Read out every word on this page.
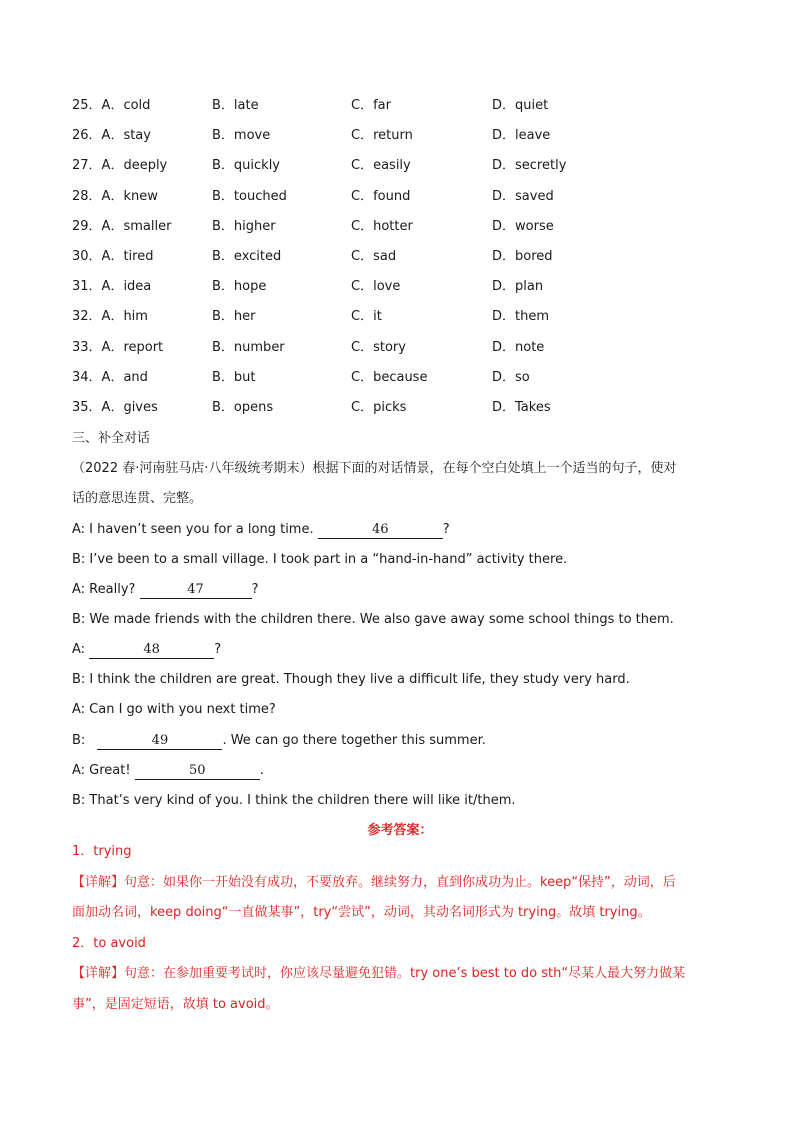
25．A．cold	B．late	C．far	D．quiet
26．A．stay	B．move	C．return	D．leave
27．A．deeply	B．quickly	C．easily	D．secretly
28．A．knew	B．touched	C．found	D．saved
29．A．smaller	B．higher	C．hotter	D．worse
30．A．tired	B．excited	C．sad	D．bored
31．A．idea	B．hope	C．love	D．plan
32．A．him	B．her	C．it	D．them
33．A．report	B．number	C．story	D．note
34．A．and	B．but	C．because	D．so
35．A．gives	B．opens	C．picks	D．Takes
三、补全对话
（2022 春·河南驻马店·八年级统考期末）根据下面的对话情景，在每个空白处填上一个适当的句子，使对
话的意思连贯、完整。
A: I haven’t seen you for a long time.	46	?
B: I’ve been to a small village. I took part in a “hand-in-hand” activity there.
A: Really?	47	?
B: We made friends with the children there. We also gave away some school things to them.
A:	48	?
B: I think the children are great. Though they live a difficult life, they study very hard.
A: Can I go with you next time?
B:	49	. We can go there together this summer.
A: Great!	50	.
B: That’s very kind of you. I think the children there will like it/them.
参考答案：
1．trying
【详解】句意：如果你一开始没有成功，不要放弃。继续努力，直到你成功为止。keep“保持”，动词，后
面加动名词，keep doing“一直做某事”，try“尝试”，动词，其动名词形式为 trying。故填 trying。
2．to avoid
【详解】句意：在参加重要考试时，你应该尽量避免犯错。try one’s best to do sth“尽某人最大努力做某
事”，是固定短语，故填 to avoid。
